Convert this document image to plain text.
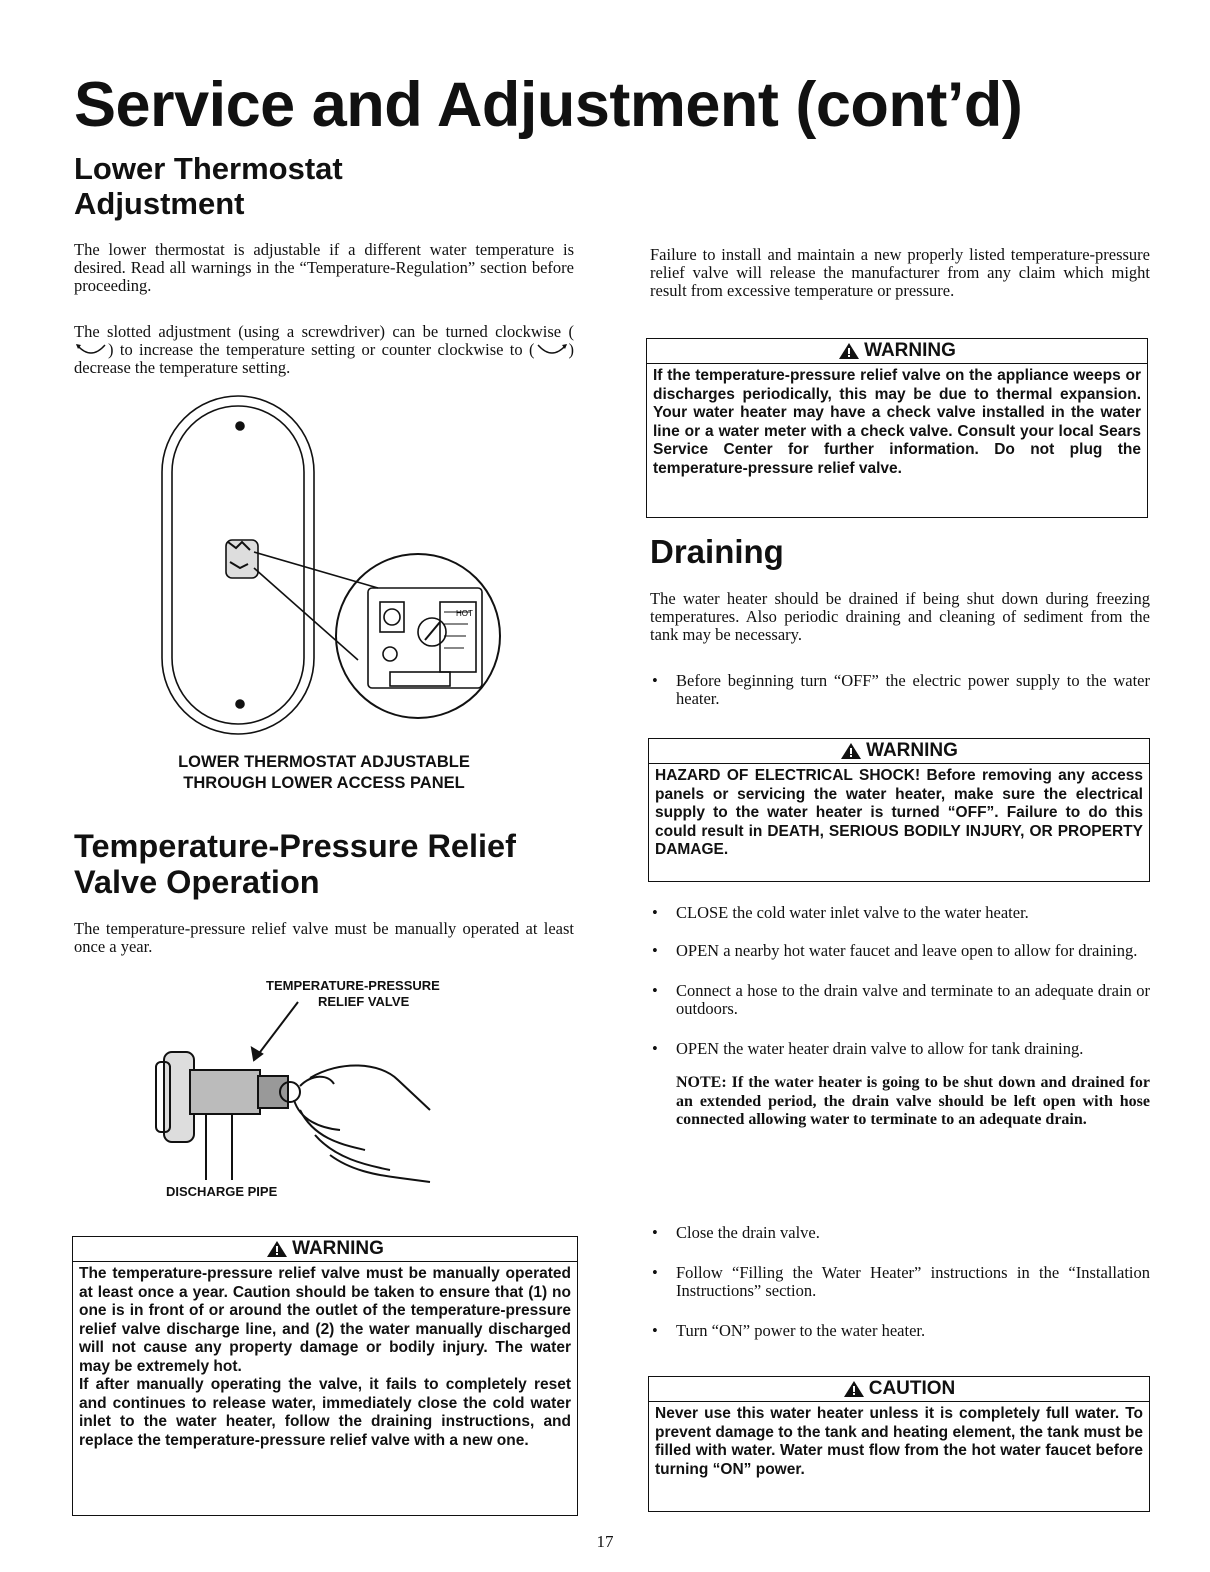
Service and Adjustment (cont’d)
Lower Thermostat
Adjustment

The lower thermostat is adjustable if a different water temperature is desired. Read all warnings in the “Temperature-Regulation” section before proceeding.

The slotted adjustment (using a screwdriver) can be turned clockwise () to increase the temperature setting or counter clockwise to ( ) decrease the temperature setting.

HOT
LOWER THERMOSTAT ADJUSTABLE
THROUGH LOWER ACCESS PANEL
Temperature-Pressure Relief
Valve Operation

The temperature-pressure relief valve must be manually operated at least once a year.

TEMPERATURE-PRESSURE
RELIEF VALVE
DISCHARGE PIPE
WARNING
The temperature-pressure relief valve must be manually operated at least once a year. Caution should be taken to ensure that (1) no one is in front of or around the outlet of the temperature-pressure relief valve discharge line, and (2) the water manually discharged will not cause any property damage or bodily injury. The water may be extremely hot.
If after manually operating the valve, it fails to completely reset and continues to release water, immediately close the cold water inlet to the water heater, follow the draining instructions, and replace the temperature-pressure relief valve with a new one.

Failure to install and maintain a new properly listed temperature-pressure relief valve will release the manufacturer from any claim which might result from excessive temperature or pressure.

WARNING
If the temperature-pressure relief valve on the appliance weeps or discharges periodically, this may be due to thermal expansion. Your water heater may have a check valve installed in the water line or a water meter with a check valve. Consult your local Sears Service Center for further information. Do not plug the temperature-pressure relief valve.
Draining

The water heater should be drained if being shut down during freezing temperatures. Also periodic draining and cleaning of sediment from the tank may be necessary.

• Before beginning turn “OFF” the electric power supply to the water heater.
WARNING
HAZARD OF ELECTRICAL SHOCK! Before removing any access panels or servicing the water heater, make sure the electrical supply to the water heater is turned “OFF”. Failure to do this could result in DEATH, SERIOUS BODILY INJURY, OR PROPERTY DAMAGE.
• CLOSE the cold water inlet valve to the water heater.
• OPEN a nearby hot water faucet and leave open to allow for draining.
• Connect a hose to the drain valve and terminate to an adequate drain or outdoors.
• OPEN the water heater drain valve to allow for tank draining.
NOTE: If the water heater is going to be shut down and drained for an extended period, the drain valve should be left open with hose connected allowing water to terminate to an adequate drain.
• Close the drain valve.
• Follow “Filling the Water Heater” instructions in the “Installation Instructions” section.
• Turn “ON” power to the water heater.
CAUTION
Never use this water heater unless it is completely full water. To prevent damage to the tank and heating element, the tank must be filled with water. Water must flow from the hot water faucet before turning “ON” power.
17
